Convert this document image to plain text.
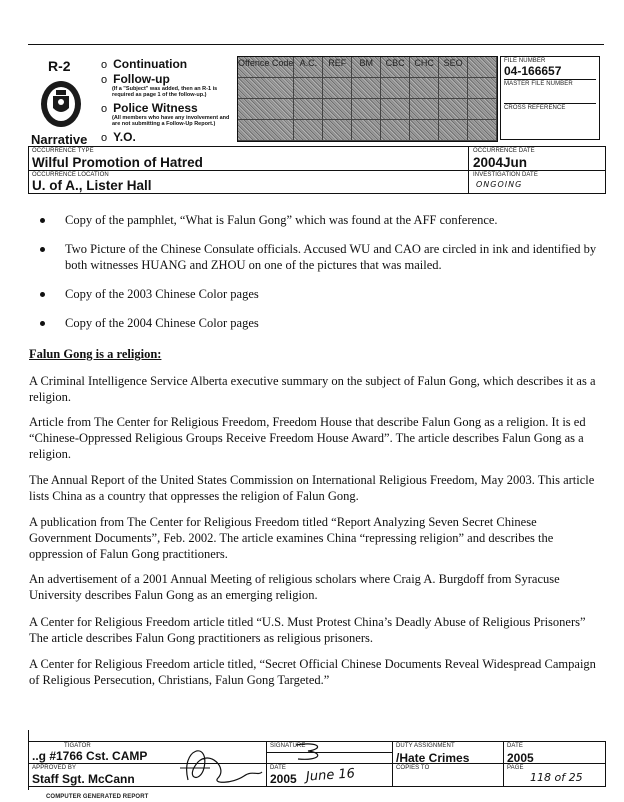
R-2
Narrative
o Continuation
o Follow-up
(If a "Subject" was added, then an R-1 is required as page 1 of the follow-up.)
o Police Witness
(All members who have any involvement and are not submitting a Follow-Up Report.)
o Y.O.
Offence Code A.C.	REF	BM	CBC	CHC	SEO	FILE NUMBER
04-166657
MASTER FILE NUMBER
CROSS REFERENCE
OCCURRENCE TYPE
Wilful Promotion of Hatred
OCCURRENCE DATE
2004Jun
OCCURRENCE LOCATION
U. of A., Lister Hall
INVESTIGATION DATE
ONGOING
Copy of the pamphlet, “What is Falun Gong” which was found at the AFF conference.
Two Picture of the Chinese Consulate officials. Accused WU and CAO are circled in ink and identified by both witnesses HUANG and ZHOU on one of the pictures that was mailed.
Copy of the 2003 Chinese Color pages
Copy of the 2004 Chinese Color pages
Falun Gong is a religion:
A Criminal Intelligence Service Alberta executive summary on the subject of Falun Gong, which describes it as a religion.
Article from The Center for Religious Freedom, Freedom House that describe Falun Gong as a religion. It is ed “Chinese-Oppressed Religious Groups Receive Freedom House Award”. The article describes Falun Gong as a religion.
The Annual Report of the United States Commission on International Religious Freedom, May 2003. This article lists China as a country that oppresses the religion of Falun Gong.
A publication from The Center for Religious Freedom titled “Report Analyzing Seven Secret Chinese Government Documents”, Feb. 2002. The article examines China “repressing religion” and describes the oppression of Falun Gong practitioners.
An advertisement of a 2001 Annual Meeting of religious scholars where Craig A. Burgdoff from Syracuse University describes Falun Gong as an emerging religion.
A Center for Religious Freedom article titled “U.S. Must Protest China’s Deadly Abuse of Religious Prisoners” The article describes Falun Gong practitioners as religious prisoners.
A Center for Religious Freedom article titled, “Secret Official Chinese Documents Reveal Widespread Campaign of Religious Persecution, Christians, Falun Gong Targeted.”
TIGATOR
..g #1766 Cst. CAMP
APPROVED BY
Staff Sgt. McCann
SIGNATURE
DATE
2005 June 16
DUTY ASSIGNMENT
/Hate Crimes
COPIES TO
DATE
2005
PAGE
118 of 25
COMPUTER GENERATED REPORT
